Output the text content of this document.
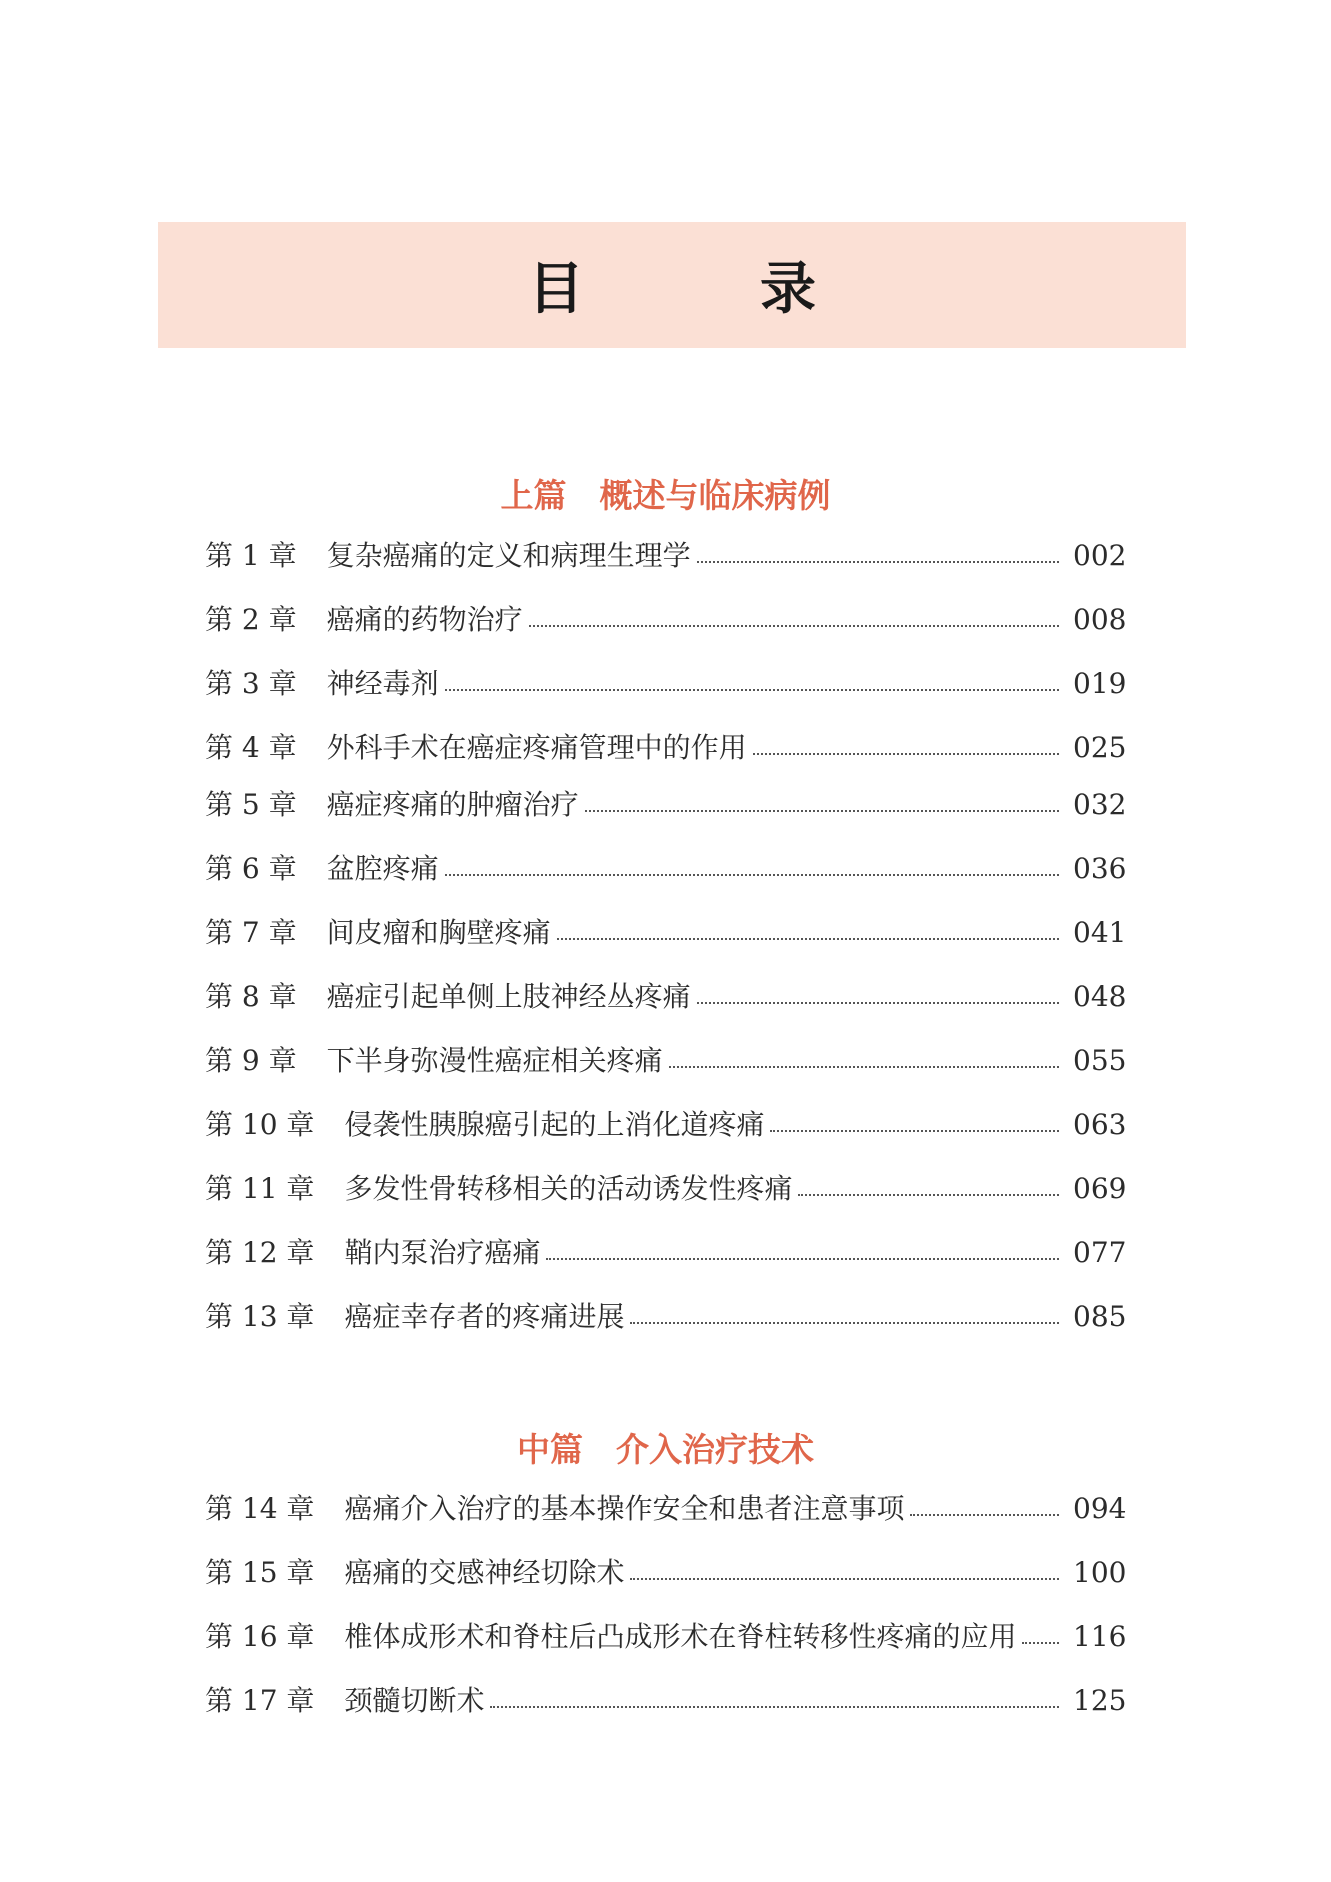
目　录
上篇　概述与临床病例
第 1 章 复杂癌痛的定义和病理生理学	002
第 2 章 癌痛的药物治疗	008
第 3 章 神经毒剂	019
第 4 章 外科手术在癌症疼痛管理中的作用	025
第 5 章 癌症疼痛的肿瘤治疗	032
第 6 章 盆腔疼痛	036
第 7 章 间皮瘤和胸壁疼痛	041
第 8 章 癌症引起单侧上肢神经丛疼痛	048
第 9 章 下半身弥漫性癌症相关疼痛	055
第 10 章 侵袭性胰腺癌引起的上消化道疼痛	063
第 11 章 多发性骨转移相关的活动诱发性疼痛	069
第 12 章 鞘内泵治疗癌痛	077
第 13 章 癌症幸存者的疼痛进展	085
中篇　介入治疗技术
第 14 章 癌痛介入治疗的基本操作安全和患者注意事项	094
第 15 章 癌痛的交感神经切除术	100
第 16 章 椎体成形术和脊柱后凸成形术在脊柱转移性疼痛的应用 116
第 17 章 颈髓切断术	125
